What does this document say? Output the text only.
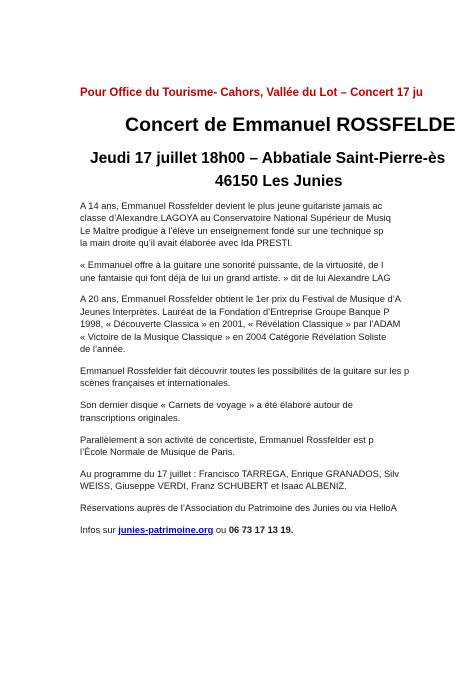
Pour Office du Tourisme- Cahors, Vallée du Lot – Concert 17 ju
Concert de Emmanuel ROSSFELDE
Jeudi 17 juillet 18h00 – Abbatiale Saint-Pierre-ès
46150 Les Junies

A 14 ans, Emmanuel Rossfelder devient le plus jeune guitariste jamais ac
classe d’Alexandre LAGOYA au Conservatoire National Supérieur de Musiq
Le Maître prodigue à l’élève un enseignement fondé sur une technique sp
la main droite qu’il avait élaborée avec Ida PRESTI.

« Emmanuel offre à la guitare une sonorité puissante, de la virtuosité, de l
une fantaisie qui font déjà de lui un grand artiste. » dit de lui Alexandre LAG

A 20 ans, Emmanuel Rossfelder obtient le 1er prix du Festival de Musique d’A
Jeunes Interprètes. Lauréat de la Fondation d’Entreprise Groupe Banque P
1998, « Découverte Classica » en 2001, « Révélation Classique » par l’ADAM
« Victoire de la Musique Classique » en 2004 Catégorie Révélation Soliste
de l’année.

Emmanuel Rossfelder fait découvrir toutes les possibilités de la guitare sur les p
scènes françaises et internationales.

Son dernier disque « Carnets de voyage » a été élaboré autour de
transcriptions originales.

Parallèlement à son activité de concertiste, Emmanuel Rossfelder est p
l’École Normale de Musique de Paris.

Au programme du 17 juillet : Francisco TARREGA, Enrique GRANADOS, Silv
WEISS, Giuseppe VERDI, Franz SCHUBERT et Isaac ALBENIZ.

Réservations auprès de l’Association du Patrimoine des Junies ou via HelloA

Infos sur junies-patrimoine.org ou 06 73 17 13 19.
